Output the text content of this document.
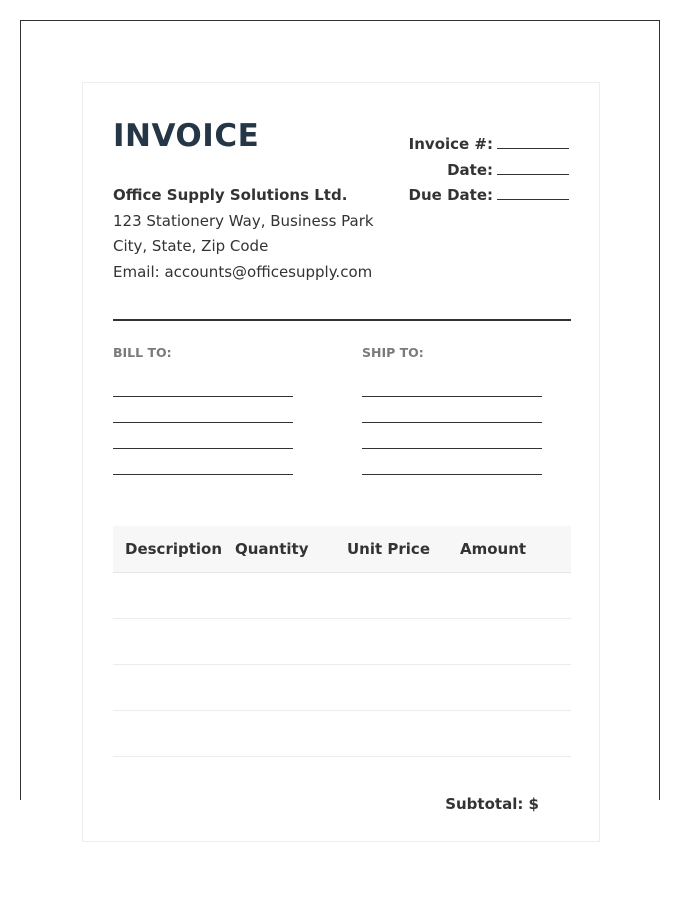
INVOICE
Office Supply Solutions Ltd.
123 Stationery Way, Business Park
City, State, Zip Code
Email: accounts@officesupply.com
Invoice #:
Date:
Due Date:
BILL TO:	SHIP TO:
Description	Quantity	Unit Price	Amount

Subtotal: $
